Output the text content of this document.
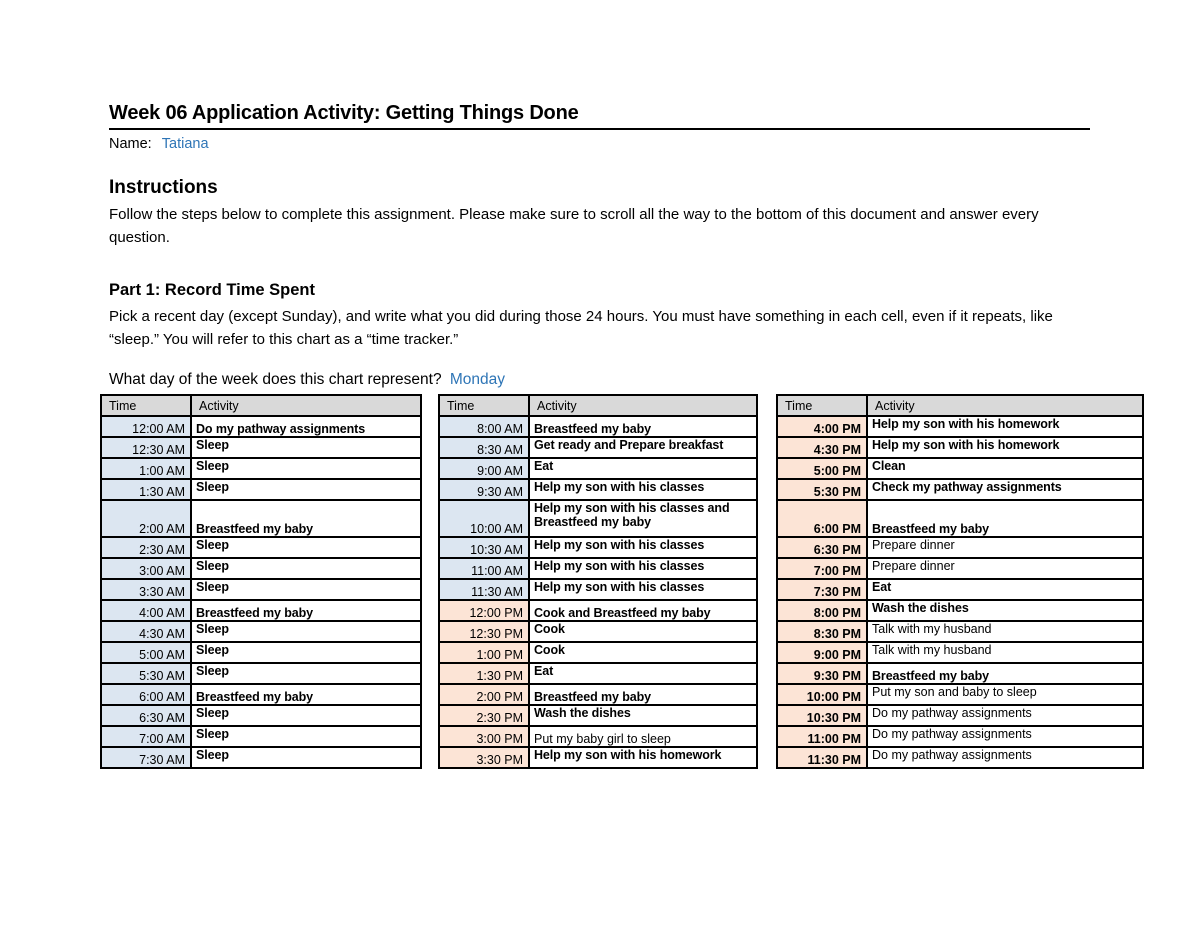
Week 06 Application Activity: Getting Things Done
Name: Tatiana
Instructions
Follow the steps below to complete this assignment. Please make sure to scroll all the way to the bottom of this document and answer every question.
Part 1: Record Time Spent
Pick a recent day (except Sunday), and write what you did during those 24 hours. You must have something in each cell, even if it repeats, like “sleep.” You will refer to this chart as a “time tracker.”
What day of the week does this chart represent? Monday
Time	Activity
12:00 AM	Do my pathway assignments
12:30 AM	Sleep
1:00 AM	Sleep
1:30 AM	Sleep
2:00 AM	Breastfeed my baby
2:30 AM	Sleep
3:00 AM	Sleep
3:30 AM	Sleep
4:00 AM	Breastfeed my baby
4:30 AM	Sleep
5:00 AM	Sleep
5:30 AM	Sleep
6:00 AM	Breastfeed my baby
6:30 AM	Sleep
7:00 AM	Sleep
7:30 AM	Sleep
Time	Activity
8:00 AM	Breastfeed my baby
8:30 AM	Get ready and Prepare breakfast
9:00 AM	Eat
9:30 AM	Help my son with his classes
10:00 AM	Help my son with his classes and Breastfeed my baby
10:30 AM	Help my son with his classes
11:00 AM	Help my son with his classes
11:30 AM	Help my son with his classes
12:00 PM	Cook and Breastfeed my baby
12:30 PM	Cook
1:00 PM	Cook
1:30 PM	Eat
2:00 PM	Breastfeed my baby
2:30 PM	Wash the dishes
3:00 PM	Put my baby girl to sleep
3:30 PM	Help my son with his homework
Time	Activity
4:00 PM	Help my son with his homework
4:30 PM	Help my son with his homework
5:00 PM	Clean
5:30 PM	Check my pathway assignments
6:00 PM	Breastfeed my baby
6:30 PM	Prepare dinner
7:00 PM	Prepare dinner
7:30 PM	Eat
8:00 PM	Wash the dishes
8:30 PM	Talk with my husband
9:00 PM	Talk with my husband
9:30 PM	Breastfeed my baby
10:00 PM	Put my son and baby to sleep
10:30 PM	Do my pathway assignments
11:00 PM	Do my pathway assignments
11:30 PM	Do my pathway assignments
